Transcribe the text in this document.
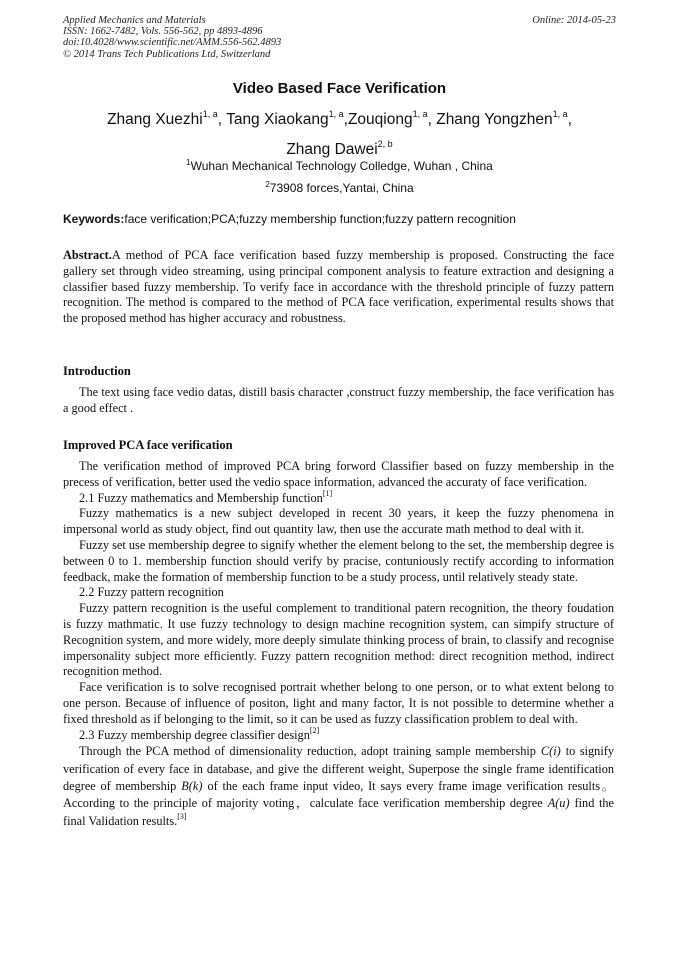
Applied Mechanics and Materials
ISSN: 1662-7482, Vols. 556-562, pp 4893-4896
doi:10.4028/www.scientific.net/AMM.556-562.4893
© 2014 Trans Tech Publications Ltd, Switzerland
Online: 2014-05-23
Video Based Face Verification
Zhang Xuezhi$^{1, a}$, Tang Xiaokang$^{1, a}$,Zouqiong$^{1, a}$, Zhang Yongzhen$^{1, a}$,
Zhang Dawei$^{2, b}$
$^1$Wuhan Mechanical Technology Colledge, Wuhan , China
$^2$73908 forces,Yantai, China
Keywords:face verification;PCA;fuzzy membership function;fuzzy pattern recognition

Abstract.A method of PCA face verification based fuzzy membership is proposed. Constructing the face gallery set through video streaming, using principal component analysis to feature extraction and designing a classifier based fuzzy membership. To verify face in accordance with the threshold principle of fuzzy pattern recognition. The method is compared to the method of PCA face verification, experimental results shows that the proposed method has higher accuracy and robustness.

Introduction

The text using face vedio datas, distill basis character ,construct fuzzy membership, the face verification has a good effect .

Improved PCA face verification

The verification method of improved PCA bring forword Classifier based on fuzzy membership in the precess of verification, better used the vedio space information, advanced the accuraty of face verification.

2.1 Fuzzy mathematics and Membership function[1]

Fuzzy mathematics is a new subject developed in recent 30 years, it keep the fuzzy phenomena in impersonal world as study object, find out quantity law, then use the accurate math method to deal with it.

Fuzzy set use membership degree to signify whether the element belong to the set, the membership degree is between 0 to 1. membership function should verify by pracise, contuniously rectify according to information feedback, make the formation of membership function to be a study process, until relatively steady state.

2.2 Fuzzy pattern recognition

Fuzzy pattern recognition is the useful complement to tranditional patern recognition, the theory foudation is fuzzy mathmatic. It use fuzzy technology to design machine recognition system, can simpify structure of Recognition system, and more widely, more deeply simulate thinking process of brain, to classify and recognise impersonality subject more efficiently. Fuzzy pattern recognition method: direct recognition method, indirect recognition method.

Face verification is to solve recognised portrait whether belong to one person, or to what extent belong to one person. Because of influence of positon, light and many factor, It is not possible to determine whether a fixed threshold as if belonging to the limit, so it can be used as fuzzy classification problem to deal with.

2.3 Fuzzy membership degree classifier design[2]

Through the PCA method of dimensionality reduction, adopt training sample membership C(i) to signify verification of every face in database, and give the different weight, Superpose the single frame identification degree of membership B(k) of the each frame input video, It says every frame image verification results。According to the principle of majority voting，calculate face verification membership degree A(u) find the final Validation results.[3]
